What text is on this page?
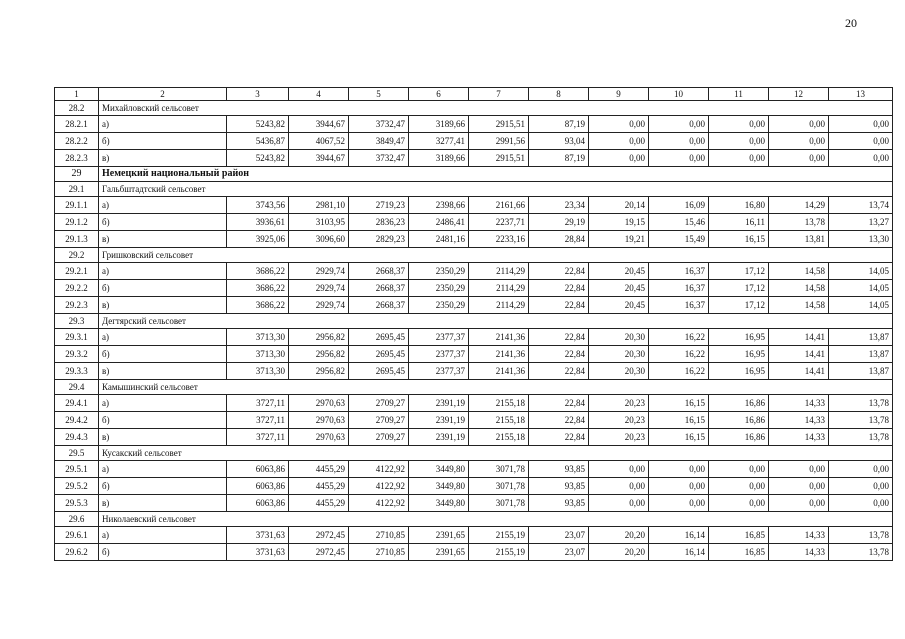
20
1	2	3	4	5	6	7	8	9	10	11	12	13
28.2	Михайловский сельсовет											
28.2.1	а)	5243,82	3944,67	3732,47	3189,66	2915,51	87,19	0,00	0,00	0,00	0,00	0,00
28.2.2	б)	5436,87	4067,52	3849,47	3277,41	2991,56	93,04	0,00	0,00	0,00	0,00	0,00
28.2.3	в)	5243,82	3944,67	3732,47	3189,66	2915,51	87,19	0,00	0,00	0,00	0,00	0,00
29	Немецкий национальный район											
29.1	Гальбштадтский сельсовет											
29.1.1	а)	3743,56	2981,10	2719,23	2398,66	2161,66	23,34	20,14	16,09	16,80	14,29	13,74
29.1.2	б)	3936,61	3103,95	2836,23	2486,41	2237,71	29,19	19,15	15,46	16,11	13,78	13,27
29.1.3	в)	3925,06	3096,60	2829,23	2481,16	2233,16	28,84	19,21	15,49	16,15	13,81	13,30
29.2	Гришковский сельсовет											
29.2.1	а)	3686,22	2929,74	2668,37	2350,29	2114,29	22,84	20,45	16,37	17,12	14,58	14,05
29.2.2	б)	3686,22	2929,74	2668,37	2350,29	2114,29	22,84	20,45	16,37	17,12	14,58	14,05
29.2.3	в)	3686,22	2929,74	2668,37	2350,29	2114,29	22,84	20,45	16,37	17,12	14,58	14,05
29.3	Дегтярский сельсовет											
29.3.1	а)	3713,30	2956,82	2695,45	2377,37	2141,36	22,84	20,30	16,22	16,95	14,41	13,87
29.3.2	б)	3713,30	2956,82	2695,45	2377,37	2141,36	22,84	20,30	16,22	16,95	14,41	13,87
29.3.3	в)	3713,30	2956,82	2695,45	2377,37	2141,36	22,84	20,30	16,22	16,95	14,41	13,87
29.4	Камышинский сельсовет											
29.4.1	а)	3727,11	2970,63	2709,27	2391,19	2155,18	22,84	20,23	16,15	16,86	14,33	13,78
29.4.2	б)	3727,11	2970,63	2709,27	2391,19	2155,18	22,84	20,23	16,15	16,86	14,33	13,78
29.4.3	в)	3727,11	2970,63	2709,27	2391,19	2155,18	22,84	20,23	16,15	16,86	14,33	13,78
29.5	Кусакский сельсовет											
29.5.1	а)	6063,86	4455,29	4122,92	3449,80	3071,78	93,85	0,00	0,00	0,00	0,00	0,00
29.5.2	б)	6063,86	4455,29	4122,92	3449,80	3071,78	93,85	0,00	0,00	0,00	0,00	0,00
29.5.3	в)	6063,86	4455,29	4122,92	3449,80	3071,78	93,85	0,00	0,00	0,00	0,00	0,00
29.6	Николаевский сельсовет											
29.6.1	а)	3731,63	2972,45	2710,85	2391,65	2155,19	23,07	20,20	16,14	16,85	14,33	13,78
29.6.2	б)	3731,63	2972,45	2710,85	2391,65	2155,19	23,07	20,20	16,14	16,85	14,33	13,78
